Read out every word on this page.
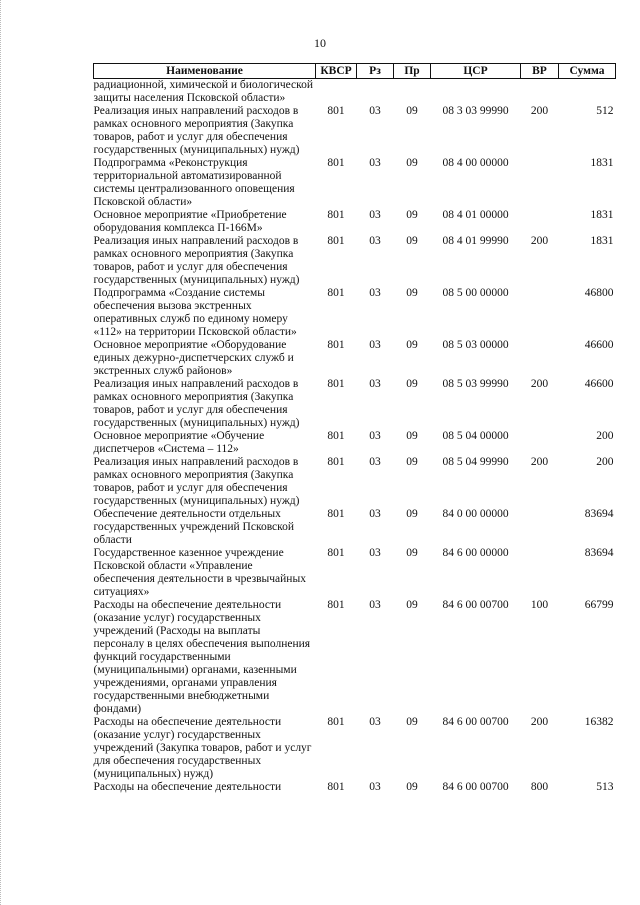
10
Наименование	КВСР	Рз	Пр	ЦСР	ВР	Сумма
радиационной, химической и биологической защиты населения Псковской области»						
Реализация иных направлений расходов в рамках основного мероприятия (Закупка товаров, работ и услуг для обеспечения государственных (муниципальных) нужд)	801	03	09	08 3 03 99990	200	512
Подпрограмма «Реконструкция территориальной автоматизированной системы централизованного оповещения Псковской области»	801	03	09	08 4 00 00000		1831
Основное мероприятие «Приобретение оборудования комплекса П-166М»	801	03	09	08 4 01 00000		1831
Реализация иных направлений расходов в рамках основного мероприятия (Закупка товаров, работ и услуг для обеспечения государственных (муниципальных) нужд)	801	03	09	08 4 01 99990	200	1831
Подпрограмма «Создание системы обеспечения вызова экстренных оперативных служб по единому номеру «112» на территории Псковской области»	801	03	09	08 5 00 00000		46800
Основное мероприятие «Оборудование единых дежурно-диспетчерских служб и экстренных служб районов»	801	03	09	08 5 03 00000		46600
Реализация иных направлений расходов в рамках основного мероприятия (Закупка товаров, работ и услуг для обеспечения государственных (муниципальных) нужд)	801	03	09	08 5 03 99990	200	46600
Основное мероприятие «Обучение диспетчеров «Система – 112»	801	03	09	08 5 04 00000		200
Реализация иных направлений расходов в рамках основного мероприятия (Закупка товаров, работ и услуг для обеспечения государственных (муниципальных) нужд)	801	03	09	08 5 04 99990	200	200
Обеспечение деятельности отдельных государственных учреждений Псковской области	801	03	09	84 0 00 00000		83694
Государственное казенное учреждение Псковской области «Управление обеспечения деятельности в чрезвычайных ситуациях»	801	03	09	84 6 00 00000		83694
Расходы на обеспечение деятельности (оказание услуг) государственных учреждений (Расходы на выплаты персоналу в целях обеспечения выполнения функций государственными (муниципальными) органами, казенными учреждениями, органами управления государственными внебюджетными фондами)	801	03	09	84 6 00 00700	100	66799
Расходы на обеспечение деятельности (оказание услуг) государственных учреждений (Закупка товаров, работ и услуг для обеспечения государственных (муниципальных) нужд)	801	03	09	84 6 00 00700	200	16382
Расходы на обеспечение деятельности	801	03	09	84 6 00 00700	800	513
